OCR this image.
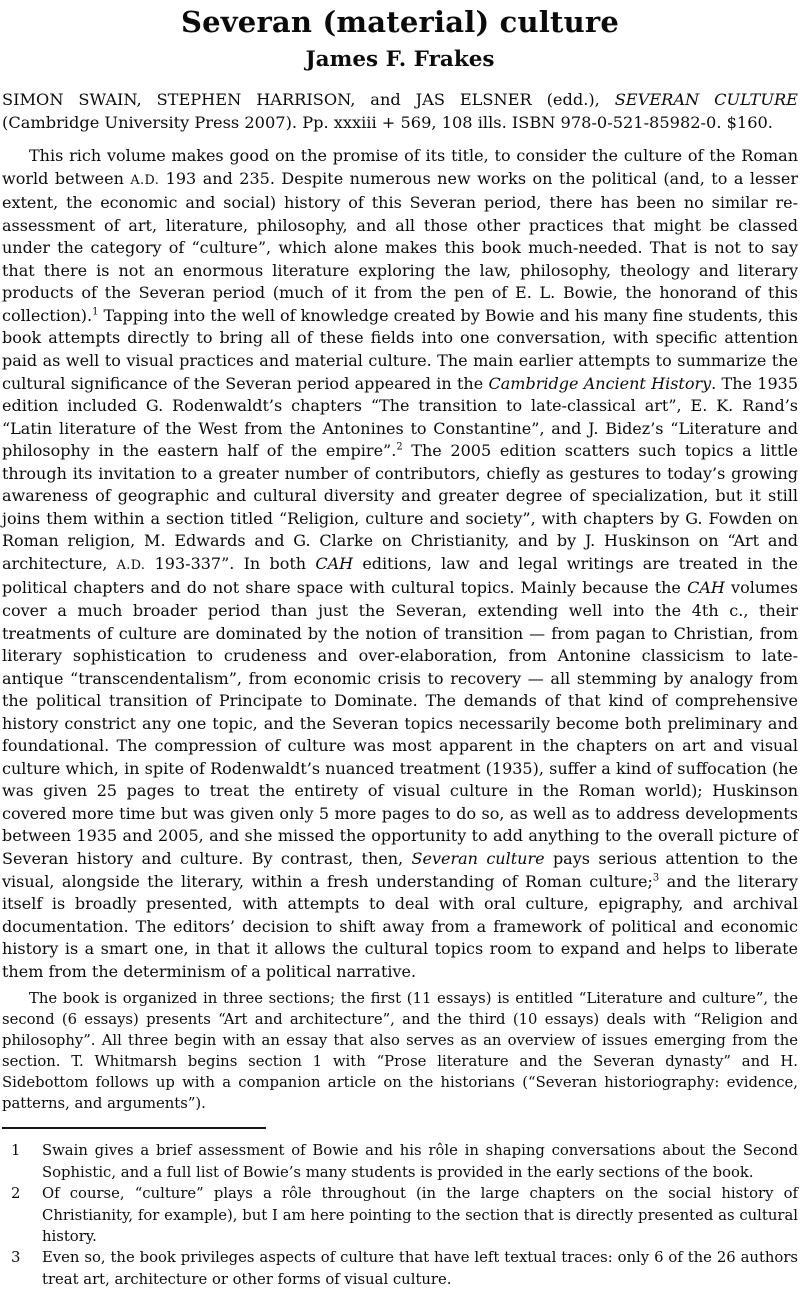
Severan (material) culture
James F. Frakes

SIMON SWAIN, STEPHEN HARRISON, and JAS ELSNER (edd.), SEVERAN CULTURE (Cambridge University Press 2007). Pp. xxxiii + 569, 108 ills. ISBN 978-0-521-85982-0. $160.

This rich volume makes good on the promise of its title, to consider the culture of the Roman world between A.D. 193 and 235. Despite numerous new works on the political (and, to a lesser extent, the economic and social) history of this Severan period, there has been no similar re-assessment of art, literature, philosophy, and all those other practices that might be classed under the category of “culture”, which alone makes this book much-needed. That is not to say that there is not an enormous literature exploring the law, philosophy, theology and literary products of the Severan period (much of it from the pen of E. L. Bowie, the honorand of this collection).$^1$ Tapping into the well of knowledge created by Bowie and his many fine students, this book attempts directly to bring all of these fields into one conversation, with specific attention paid as well to visual practices and material culture. The main earlier attempts to summarize the cultural significance of the Severan period appeared in the Cambridge Ancient History. The 1935 edition included G. Rodenwaldt’s chapters “The transition to late-classical art”, E. K. Rand’s “Latin literature of the West from the Antonines to Constantine”, and J. Bidez’s “Literature and philosophy in the eastern half of the empire”.$^2$ The 2005 edition scatters such topics a little through its invitation to a greater number of contributors, chiefly as gestures to today’s growing awareness of geographic and cultural diversity and greater degree of specialization, but it still joins them within a section titled “Religion, culture and society”, with chapters by G. Fowden on Roman religion, M. Edwards and G. Clarke on Christianity, and by J. Huskinson on “Art and architecture, A.D. 193-337”. In both CAH editions, law and legal writings are treated in the political chapters and do not share space with cultural topics. Mainly because the CAH volumes cover a much broader period than just the Severan, extending well into the 4th c., their treatments of culture are dominated by the notion of transition — from pagan to Christian, from literary sophistication to crudeness and over-elaboration, from Antonine classicism to late-antique “transcendentalism”, from economic crisis to recovery — all stemming by analogy from the political transition of Principate to Dominate. The demands of that kind of comprehensive history constrict any one topic, and the Severan topics necessarily become both preliminary and foundational. The compression of culture was most apparent in the chapters on art and visual culture which, in spite of Rodenwaldt’s nuanced treatment (1935), suffer a kind of suffocation (he was given 25 pages to treat the entirety of visual culture in the Roman world); Huskinson covered more time but was given only 5 more pages to do so, as well as to address developments between 1935 and 2005, and she missed the opportunity to add anything to the overall picture of Severan history and culture. By contrast, then, Severan culture pays serious attention to the visual, alongside the literary, within a fresh understanding of Roman culture;$^3$ and the literary itself is broadly presented, with attempts to deal with oral culture, epigraphy, and archival documentation. The editors’ decision to shift away from a framework of political and economic history is a smart one, in that it allows the cultural topics room to expand and helps to liberate them from the determinism of a political narrative.

The book is organized in three sections; the first (11 essays) is entitled “Literature and culture”, the second (6 essays) presents “Art and architecture”, and the third (10 essays) deals with “Religion and philosophy”. All three begin with an essay that also serves as an overview of issues emerging from the section. T. Whitmarsh begins section 1 with “Prose literature and the Severan dynasty” and H. Sidebottom follows up with a companion article on the historians (“Severan historiography: evidence, patterns, and arguments”).

1	Swain gives a brief assessment of Bowie and his rôle in shaping conversations about the Second Sophistic, and a full list of Bowie’s many students is provided in the early sections of the book.
2	Of course, “culture” plays a rôle throughout (in the large chapters on the social history of Christianity, for example), but I am here pointing to the section that is directly presented as cultural history.
3	Even so, the book privileges aspects of culture that have left textual traces: only 6 of the 26 authors treat art, architecture or other forms of visual culture.
